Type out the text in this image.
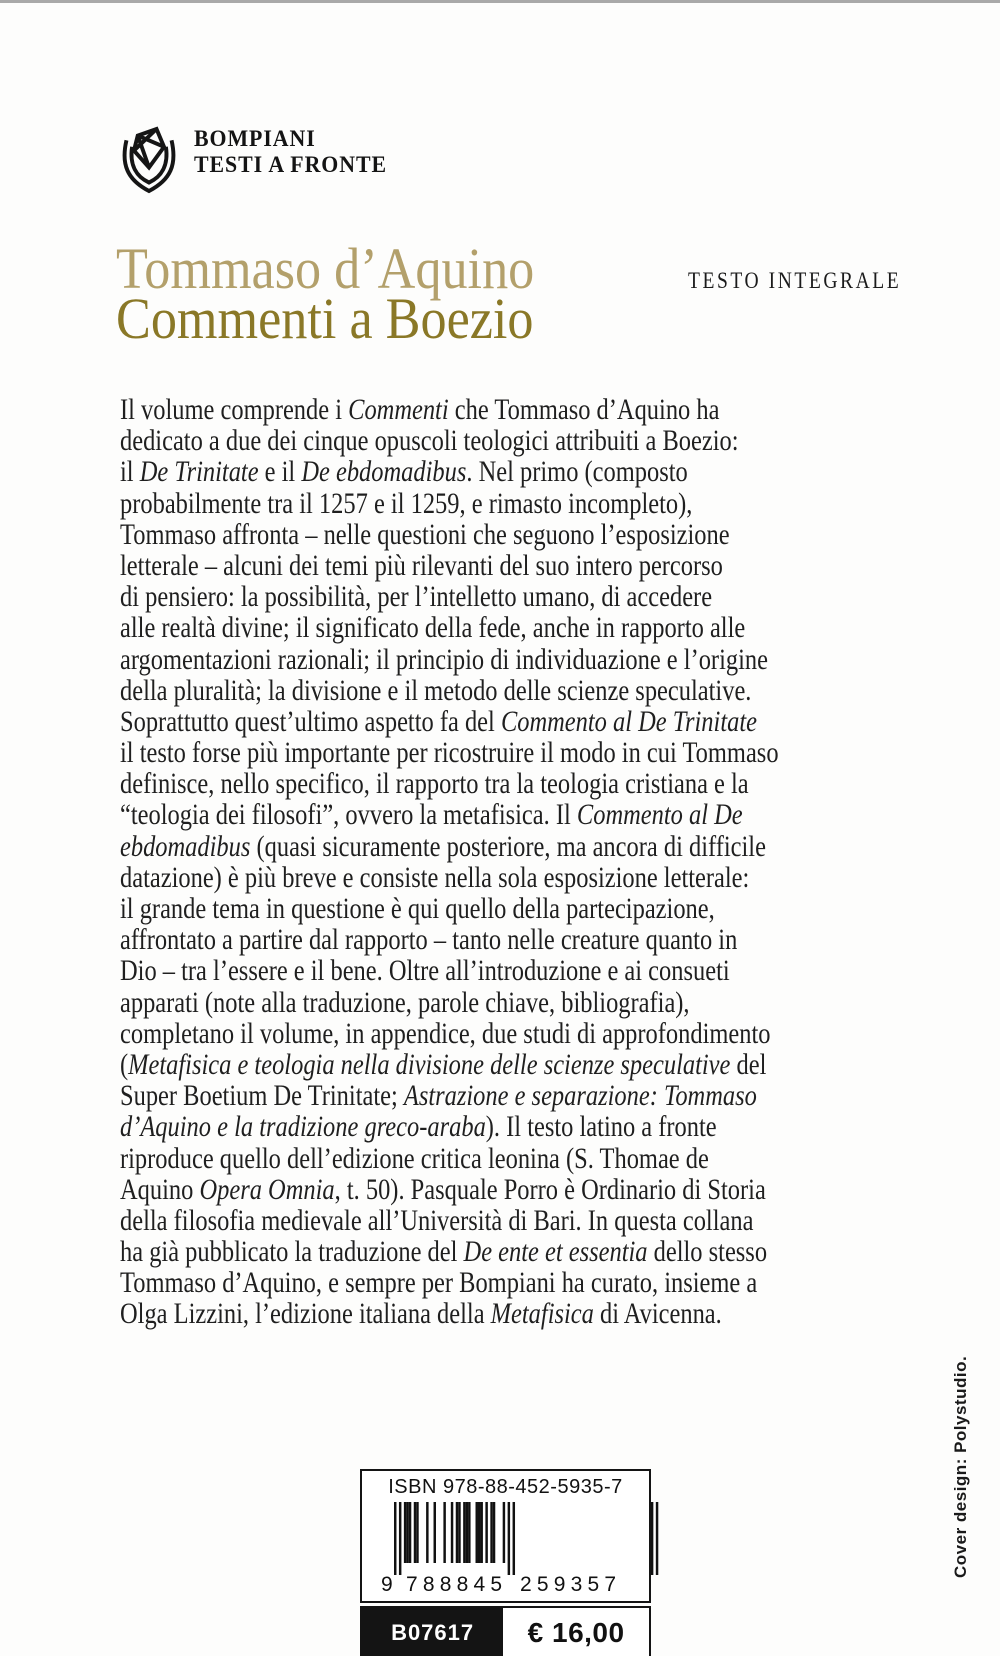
BOMPIANI
TESTI A FRONTE
Tommaso d’Aquino
Commenti a Boezio
TESTO INTEGRALE
Il volume comprende i Commenti che Tommaso d’Aquino ha
dedicato a due dei cinque opuscoli teologici attribuiti a Boezio:
il De Trinitate e il De ebdomadibus. Nel primo (composto
probabilmente tra il 1257 e il 1259, e rimasto incompleto),
Tommaso affronta – nelle questioni che seguono l’esposizione
letterale – alcuni dei temi più rilevanti del suo intero percorso
di pensiero: la possibilità, per l’intelletto umano, di accedere
alle realtà divine; il significato della fede, anche in rapporto alle
argomentazioni razionali; il principio di individuazione e l’origine
della pluralità; la divisione e il metodo delle scienze speculative.
Soprattutto quest’ultimo aspetto fa del Commento al De Trinitate
il testo forse più importante per ricostruire il modo in cui Tommaso
definisce, nello specifico, il rapporto tra la teologia cristiana e la
“teologia dei filosofi”, ovvero la metafisica. Il Commento al De
ebdomadibus (quasi sicuramente posteriore, ma ancora di difficile
datazione) è più breve e consiste nella sola esposizione letterale:
il grande tema in questione è qui quello della partecipazione,
affrontato a partire dal rapporto – tanto nelle creature quanto in
Dio – tra l’essere e il bene. Oltre all’introduzione e ai consueti
apparati (note alla traduzione, parole chiave, bibliografia),
completano il volume, in appendice, due studi di approfondimento
(Metafisica e teologia nella divisione delle scienze speculative del
Super Boetium De Trinitate; Astrazione e separazione: Tommaso
d’Aquino e la tradizione greco-araba). Il testo latino a fronte
riproduce quello dell’edizione critica leonina (S. Thomae de
Aquino Opera Omnia, t. 50). Pasquale Porro è Ordinario di Storia
della filosofia medievale all’Università di Bari. In questa collana
ha già pubblicato la traduzione del De ente et essentia dello stesso
Tommaso d’Aquino, e sempre per Bompiani ha curato, insieme a
Olga Lizzini, l’edizione italiana della Metafisica di Avicenna.
ISBN 978-88-452-5935-7
9 788845 259357
B07617	€ 16,00
Cover design: Polystudio.
